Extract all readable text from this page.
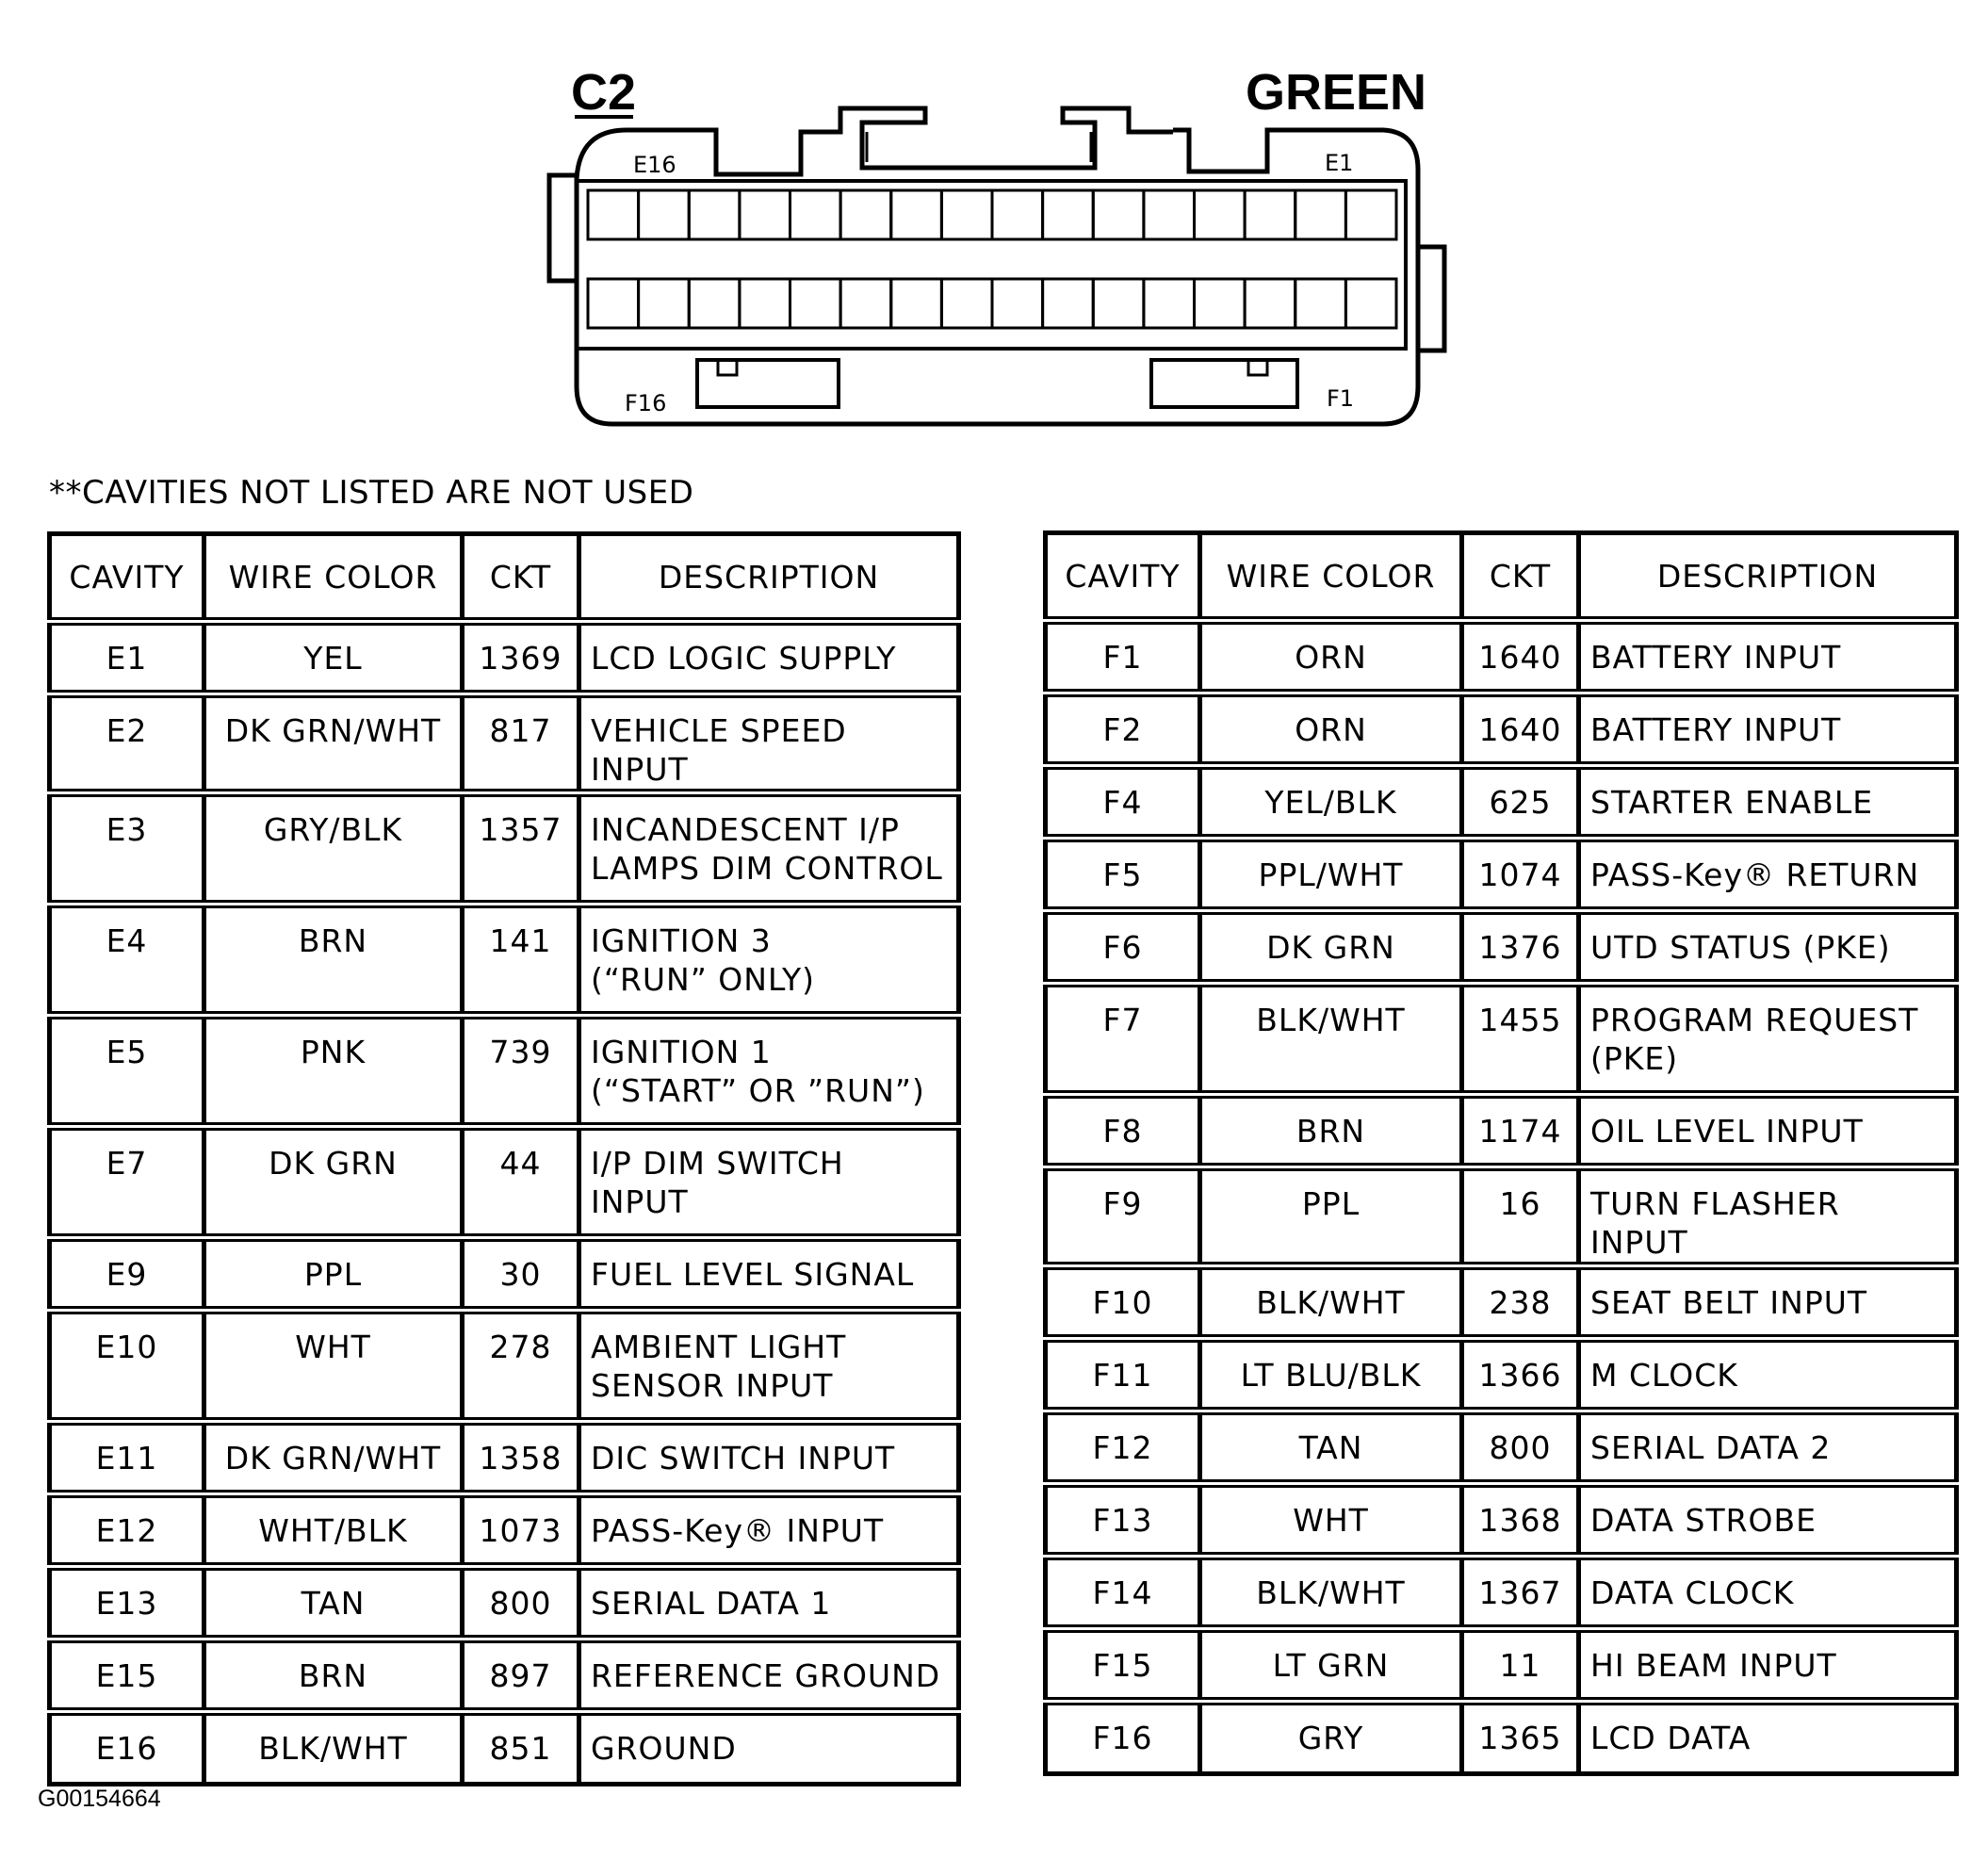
C2	GREEN
E16	E1
F16	F1
**CAVITIES NOT LISTED ARE NOT USED
CAVITY	WIRE COLOR	CKT	DESCRIPTION
E1	YEL	1369	LCD LOGIC SUPPLY

E2	DK GRN/WHT	817	VEHICLE SPEED INPUT

E3	GRY/BLK	1357	INCANDESCENT I/P
LAMPS DIM CONTROL

E4	BRN	141	IGNITION 3
(“RUN” ONLY)

E5	PNK	739	IGNITION 1
(“START” OR ”RUN”)

E7	DK GRN	44	I/P DIM SWITCH
INPUT

E9	PPL	30	FUEL LEVEL SIGNAL

E10	WHT	278	AMBIENT LIGHT
SENSOR INPUT

E11	DK GRN/WHT	1358	DIC SWITCH INPUT

E12	WHT/BLK	1073	PASS-Key® INPUT

E13	TAN	800	SERIAL DATA 1

E15	BRN	897	REFERENCE GROUND

E16	BLK/WHT	851	GROUND
CAVITY	WIRE COLOR	CKT	DESCRIPTION
F1	ORN	1640	BATTERY INPUT

F2	ORN	1640	BATTERY INPUT

F4	YEL/BLK	625	STARTER ENABLE

F5	PPL/WHT	1074	PASS-Key® RETURN

F6	DK GRN	1376	UTD STATUS (PKE)

F7	BLK/WHT	1455	PROGRAM REQUEST
(PKE)

F8	BRN	1174	OIL LEVEL INPUT

F9	PPL	16	TURN FLASHER INPUT

F10	BLK/WHT	238	SEAT BELT INPUT

F11	LT BLU/BLK	1366	M CLOCK

F12	TAN	800	SERIAL DATA 2

F13	WHT	1368	DATA STROBE

F14	BLK/WHT	1367	DATA CLOCK

F15	LT GRN	11	HI BEAM INPUT

F16	GRY	1365	LCD DATA
G00154664
